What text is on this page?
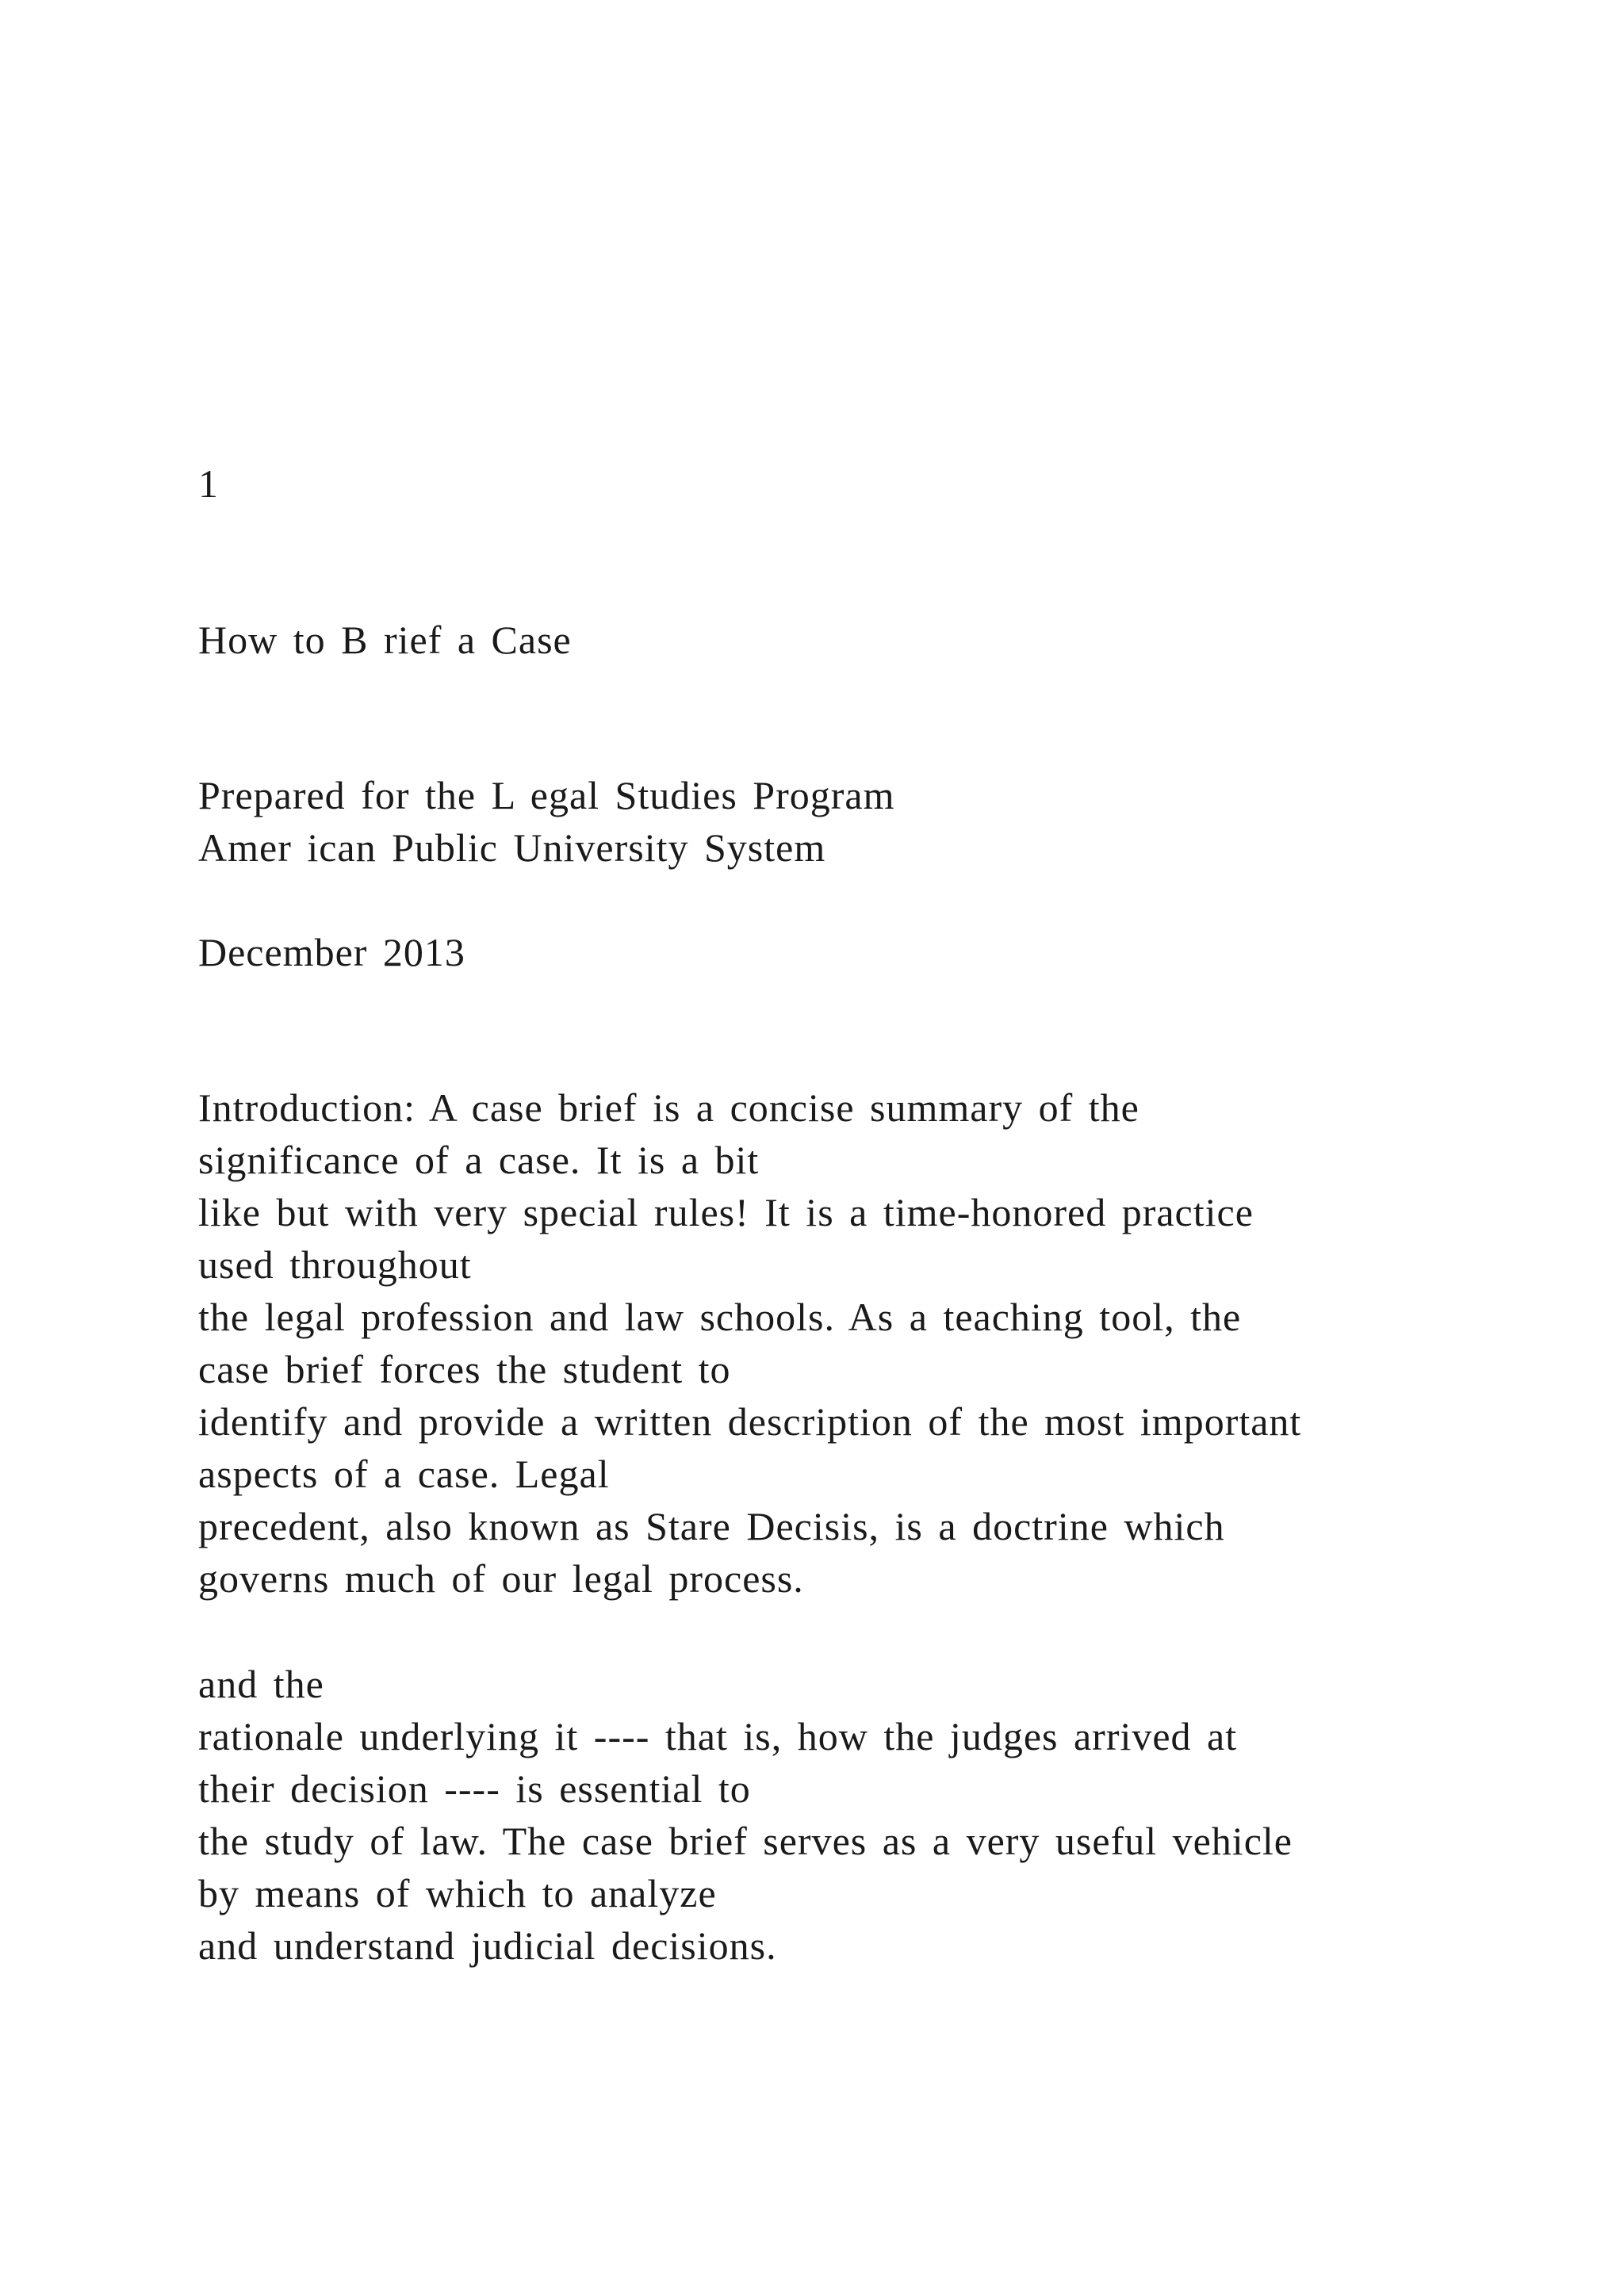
1
How to B rief a Case
Prepared for the L egal Studies Program
Amer ican Public University System
December 2013
Introduction: A case brief is a concise summary of the
significance of a case. It is a bit
like but with very special rules! It is a time-honored practice
used throughout
the legal profession and law schools. As a teaching tool, the
case brief forces the student to
identify and provide a written description of the most important
aspects of a case. Legal
precedent, also known as Stare Decisis, is a doctrine which
governs much of our legal process.
and the
rationale underlying it ---- that is, how the judges arrived at
their decision ---- is essential to
the study of law. The case brief serves as a very useful vehicle
by means of which to analyze
and understand judicial decisions.
